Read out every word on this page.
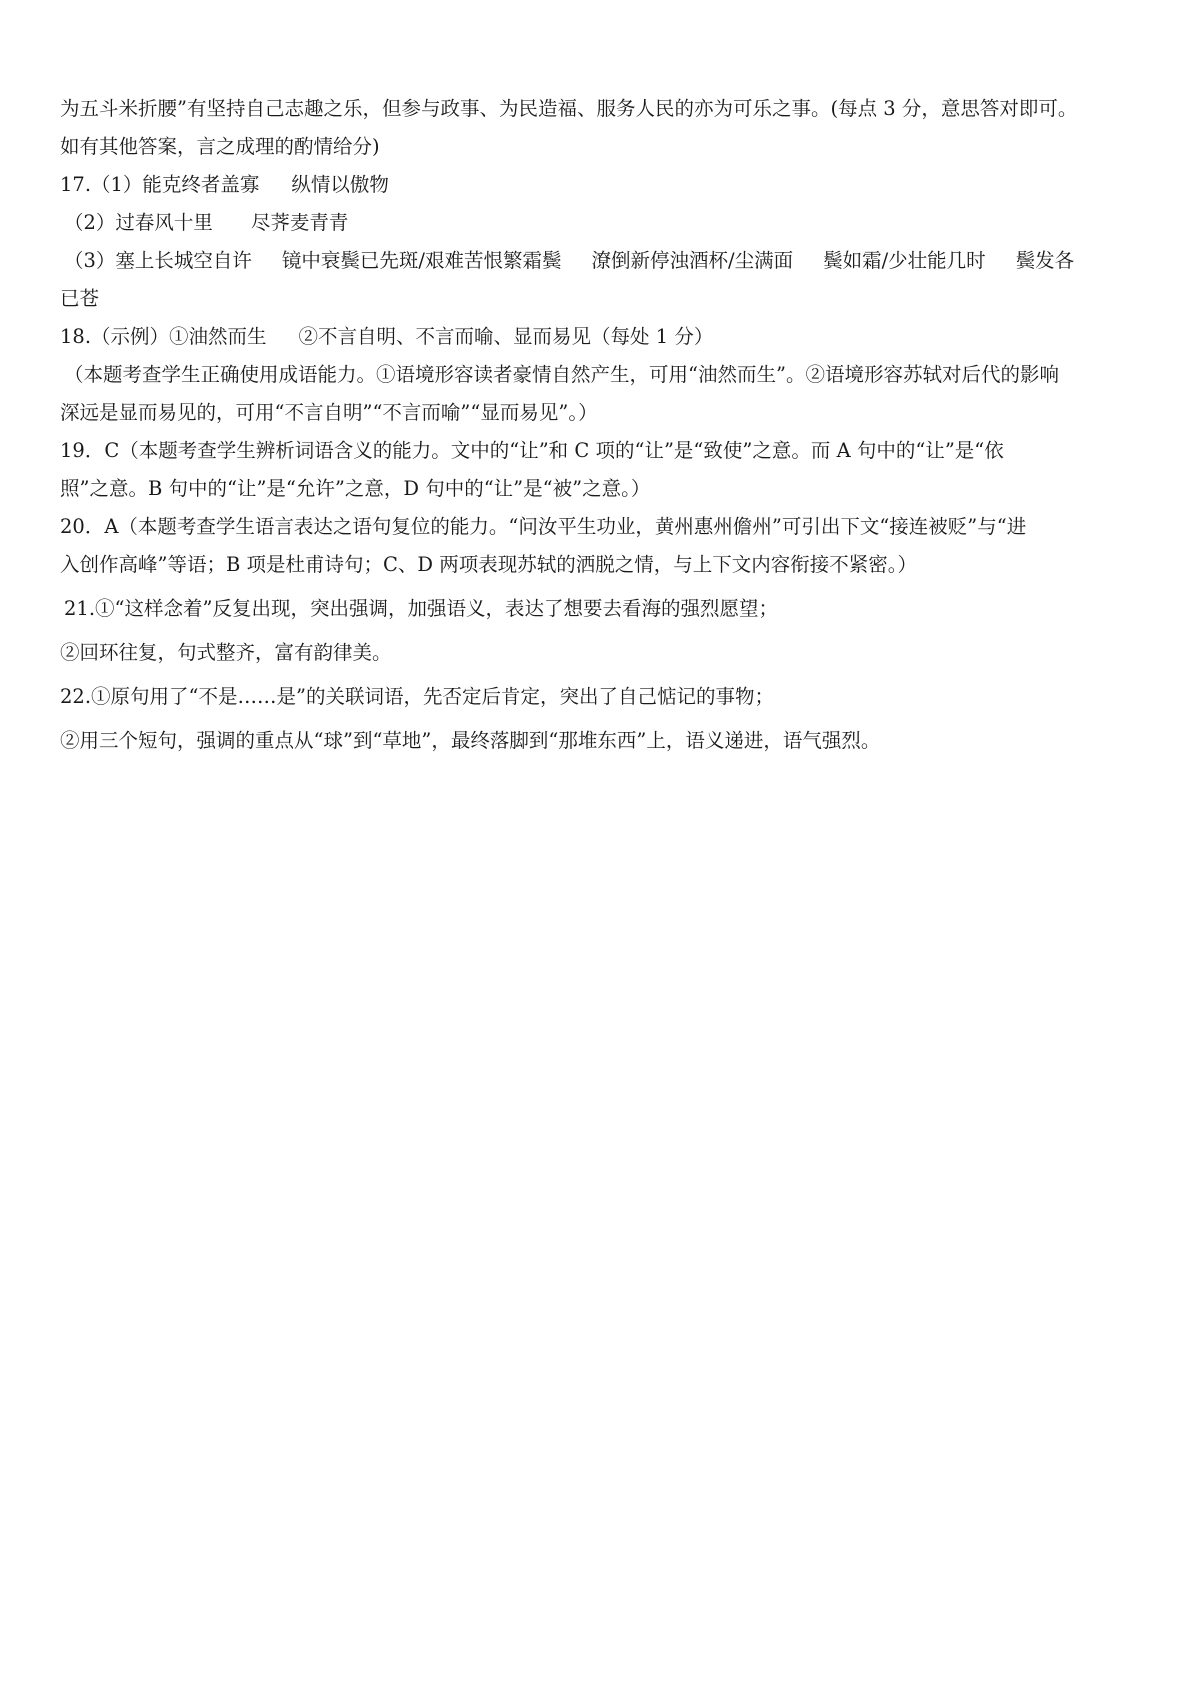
为五斗米折腰”有坚持自己志趣之乐，但参与政事、为民造福、服务人民的亦为可乐之事。(每点 3 分，意思答对即可。

如有其他答案，言之成理的酌情给分)

17.（1）能克终者盖寡 纵情以傲物

（2）过春风十里 尽荠麦青青

（3）塞上长城空自许 镜中衰鬓已先斑/艰难苦恨繁霜鬓 潦倒新停浊酒杯/尘满面 鬓如霜/少壮能几时 鬓发各

已苍

18.（示例）①油然而生 ②不言自明、不言而喻、显而易见（每处 1 分）

（本题考查学生正确使用成语能力。①语境形容读者豪情自然产生，可用“油然而生”。②语境形容苏轼对后代的影响

深远是显而易见的，可用“不言自明”“不言而喻”“显而易见”。）

19．C（本题考查学生辨析词语含义的能力。文中的“让”和 C 项的“让”是“致使”之意。而 A 句中的“让”是“依

照”之意。B 句中的“让”是“允许”之意，D 句中的“让”是“被”之意。）

20．A（本题考查学生语言表达之语句复位的能力。“问汝平生功业，黄州惠州儋州”可引出下文“接连被贬”与“进

入创作高峰”等语；B 项是杜甫诗句；C、D 两项表现苏轼的洒脱之情，与上下文内容衔接不紧密。）

21.①“这样念着”反复出现，突出强调，加强语义，表达了想要去看海的强烈愿望；

②回环往复，句式整齐，富有韵律美。

22.①原句用了“不是……是”的关联词语，先否定后肯定，突出了自己惦记的事物；

②用三个短句，强调的重点从“球”到“草地”，最终落脚到“那堆东西”上，语义递进，语气强烈。
